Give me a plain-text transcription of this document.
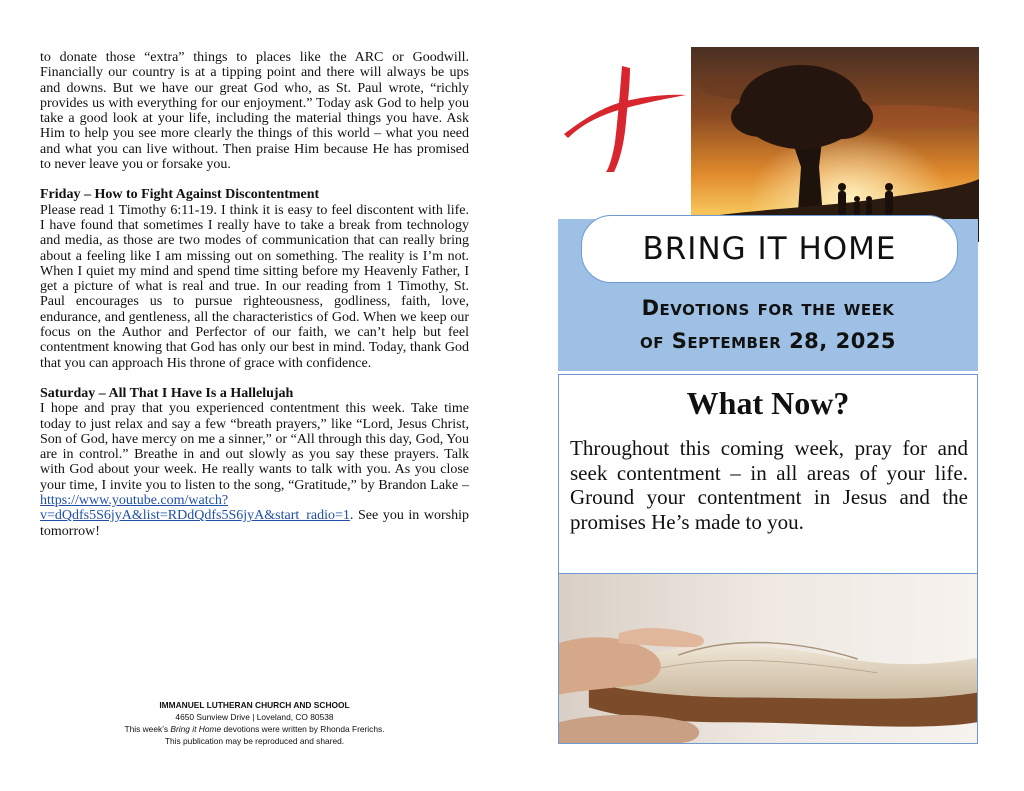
to donate those “extra” things to places like the ARC or Goodwill. Financially our country is at a tipping point and there will always be ups and downs. But we have our great God who, as St. Paul wrote, “richly provides us with everything for our enjoyment.” Today ask God to help you take a good look at your life, including the material things you have. Ask Him to help you see more clearly the things of this world – what you need and what you can live without. Then praise Him because He has promised to never leave you or forsake you.

Friday – How to Fight Against Discontentment

Please read 1 Timothy 6:11-19. I think it is easy to feel discontent with life. I have found that sometimes I really have to take a break from technology and media, as those are two modes of communication that can really bring about a feeling like I am missing out on something. The reality is I’m not. When I quiet my mind and spend time sitting before my Heavenly Father, I get a picture of what is real and true. In our reading from 1 Timothy, St. Paul encourages us to pursue righteousness, godliness, faith, love, endurance, and gentleness, all the characteristics of God. When we keep our focus on the Author and Perfector of our faith, we can’t help but feel contentment knowing that God has only our best in mind. Today, thank God that you can approach His throne of grace with confidence.

Saturday – All That I Have Is a Hallelujah

I hope and pray that you experienced contentment this week. Take time today to just relax and say a few “breath prayers,” like “Lord, Jesus Christ, Son of God, have mercy on me a sinner,” or “All through this day, God, You are in control.” Breathe in and out slowly as you say these prayers. Talk with God about your week. He really wants to talk with you. As you close your time, I invite you to listen to the song, “Gratitude,” by Brandon Lake – https://www.youtube.com/watch?v=dQdfs5S6jyA&list=RDdQdfs5S6jyA&start_radio=1. See you in worship tomorrow!

IMMANUEL LUTHERAN CHURCH AND SCHOOL
4650 Sunview Drive | Loveland, CO 80538
This week’s Bring it Home devotions were written by Rhonda Frerichs.
This publication may be reproduced and shared.
BRING IT HOME
Devotions for the week
of September 28, 2025
What Now?
Throughout this coming week, pray for and seek contentment – in all areas of your life. Ground your contentment in Jesus and the promises He’s made to you.
